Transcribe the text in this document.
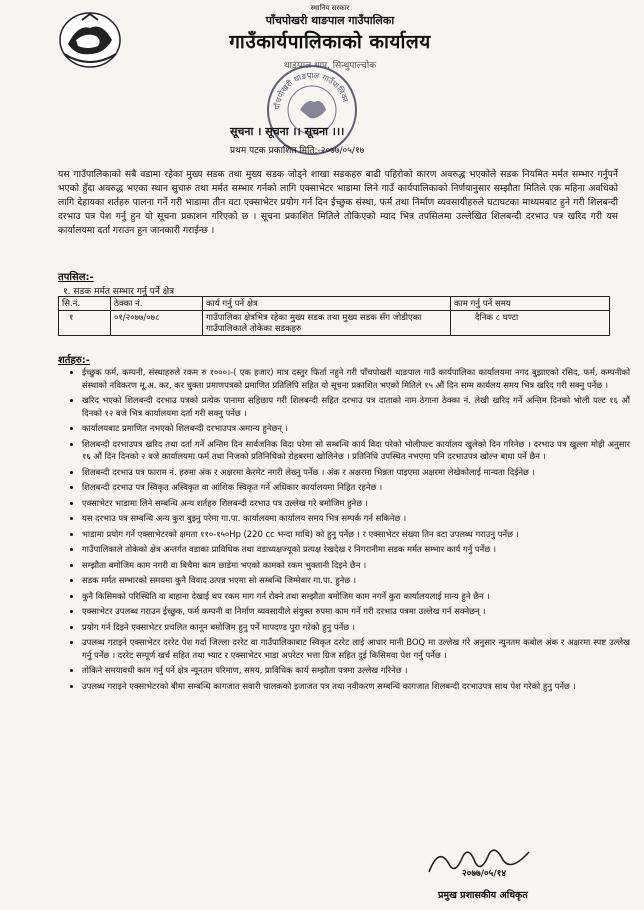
स्थानिय सरकार
पाँचपोखरी थाङपाल गाउँपालिका
गाउँकार्यपालिकाको कार्यालय
थाङपाल धाप, सिन्धुपाल्चोक
पाँचपोखरी थाङपाल गाउँपालिका
सूचना । सूचना ।। सूचना ।।।
प्रथम पटक प्रकाशित मिति:-२०७७/०५/१७
यस गाउँपालिकाको सबै वडामा रहेका मुख्य सडक तथा मुख्य सडक जोड्ने शाखा सडकहरु बाढी पहिरोको कारण अवरुद्ध भएकोले सडक नियमित मर्मत सम्भार गर्नुपर्ने भएको हुँदा अवरुद्ध भएका स्थान सुचारु तथा मर्मत सम्भार गर्नको लागि एक्साभेटर भाडामा लिने गाउँ कार्यपालिकाको निर्णयानुसार सम्झौता मितिले एक महिना अवधिको लागि देहायका शर्तहरु पालना गर्ने गरी भाडामा तीन वटा एक्साभेटर प्रयोग गर्न दिन ईच्छुक संस्था, फर्म तथा निर्माण व्यवसायीहरुले घटाघटका माध्यमबाट हुने गरी शिलबन्दी दरभाउ पत्र पेश गर्नु हुन यो सूचना प्रकाशन गरिएको छ । सूचना प्रकाशित मितिले तोकिएको म्याद भित्र तपसिलमा उल्लेखित शिलबन्दी दरभाउ पत्र खरिद गरी यस कार्यालयमा दर्ता गराउन हुन जानकारी गराईन्छ ।
तपसिल:-
१. सडक मर्मत सम्भार गर्नु पर्ने क्षेत्र
सि.नं.	ठेक्का नं.	कार्य गर्नु पर्ने क्षेत्र	काम गर्नु पर्ने समय
१	०१/२०७७/०७८	गाउँपालिका क्षेत्रभित्र रहेका मुख्य सडक तथा मुख्य सडक सँग जोडीएका गाउँपालिकाले तोकेका सडकहरु	दैनिक ८ घण्टा
शर्तहरु:-
• ईच्छुक फर्म, कम्पनी, संस्थाहरुले रकम रु १०००।-( एक हजार) मात्र दस्तुर फिर्ता नहुने गरी पाँचपोखरी थाङपाल गाउँ कार्यपालिका कार्यालयमा नगद बुझाएको रसिद, फर्म, कम्पनीको संस्थाको नविकरण मू.अ. कर, कर चुक्ता प्रमाणपत्रको प्रमाणित प्रतिलिपि सहित यो सूचना प्रकाशित भएको मितिले १५ औं दिन सम्म कार्यलय समय भित्र खरिद गरी सक्नु पर्नेछ ।
• खरिद भएको शिलबन्दी दरभाउ पत्रको प्रत्येक पानामा सहिछाप गरी शिलबन्दी सहित दरभाउ पत्र दाताको नाम ठेगाना ठेक्का नं. लेखी खरिद गर्ने अन्तिम दिनको भोली पल्ट १६ औं दिनको १२ बजे भित्र कार्यालयमा दर्ता गरी सक्नु पर्नेछ ।
• कार्यालयबाट प्रमाणित नभएको शिलबन्दी दरभाउपत्र अमान्य हुनेछन् ।
• शिलबन्दी दरभाउपत्र खरिद तथा दर्ता गर्ने अन्तिम दिन सार्वजनिक विदा परेमा सो सम्बन्धि कार्य विदा परेको भोलीपल्ट कार्यालय खुलेको दिन गरिनेछ । दरभाउ पत्र खुल्ला मोही अनुसार १६ औं दिन दिनको २ बजे कार्यालयमा फर्म तथा निजको प्रतिनिधिको रोहबरमा खोलिनेछ । प्रतिनिधि उपस्थित नभएमा पनि दरभाउपत्र खोल्न बाधा पर्ने छैन ।
• शिलबन्दी दरभाउ पत्र फाराम नं. हरुमा अंक र अक्षरमा केरमेट नगरी लेख्नु पर्नेछ । अंक र अक्षरमा भिन्नता पाइएमा अक्षरमा लेखेकोलाई मान्यता दिईनेछ ।
• शिलबन्दी दरभाउ पत्र स्विकृत अस्विकृत वा आंशिक स्विकृत गर्ने अधिकार कार्यालयमा निहित रहनेछ ।
• एक्साभेटर भाडामा लिने सम्बन्धि अन्य शर्तहरु शिलबन्दी दरभाउ पत्र उल्लेख गरे बमोजिम हुनेछ ।
• यस दरभाउ पत्र सम्बन्धि अन्य कुरा बुझ्नु परेमा गा.पा. कार्यालयमा कार्यालय समय भित्र सम्पर्क गर्न सकिनेछ ।
• भाडामा प्रयोग गर्ने एक्साभेटरको क्षमता ११०-१५०Hp (220 cc भन्दा माथि) को हुनु पर्नेछ । र एक्साभेटर संख्या तिन वटा उपलब्ध गराउनु पर्नेछ ।
• गाउँपालिकाले तोकेको क्षेत्र अन्तर्गत वडाका प्राविधिक तथा वडाध्यक्षज्यूको प्रत्यक्ष रेखदेख र निगरानीमा सडक मर्मत सम्भार कार्य गर्नु पर्नेछ ।
• सम्झौता बमोजिम काम नगरी वा बिचैमा काम छाडेमा भएको कामको रकम भुक्तानी दिइने छैन ।
• सडक मर्मत सम्भारको समयमा कुनै विवाद उत्पन्न भएमा सो सम्बन्धि जिम्मेवार गा.पा. हुनेछ ।
• कुनै किसिमको परिस्थिति वा बाहाना देखाई थप रकम माग गर्न रोक्ने तथा सम्झौता बमोजिम काम नगर्ने कुरा कार्यालयलाई मान्य हुने छैन ।
• एक्साभेटर उपलब्ध गराउन ईच्छुक, फर्म कम्पनी वा निर्माण व्यवसायीले संयुक्त रुपमा काम गर्ने गरी दरभाउ पत्रमा उल्लेख गर्न सक्नेछन् ।
• प्रयोग गर्न दिइने एक्साभेटर प्रचलित कानून बमोजिम हुनु पर्ने मापदण्ड पुरा गरेको हुनु पर्नेछ ।
• उपलब्ध गराइने एक्साभेटर दररेट पेश गर्दा जिल्ला दररेट वा गाउँपालिकाबाट स्विकृत दररेट लाई आधार मानी BOQ मा उल्लेख गरे अनुसार न्युनतम कबोल अंक र अक्षरमा स्पष्ट उल्लेख गर्नु पर्नेछ । दररेट सम्पूर्ण खर्च सहित तथा भ्याट र एक्साभेटर भाडा अपरेटर भत्ता ग्रिज सहित दुई किसिमवा पेश गर्नु पर्नेछ ।
• तोकिने समयावधी काम गर्नु पर्ने क्षेत्र न्यूनतम परिमाण, समय, प्राविधिक कार्य सम्झौता पत्रमा उल्लेख गरिनेछ ।
• उपलब्ध गराइने एक्साभेटरको बीमा सम्बन्धि कागजात सवारी चालकको इजाजत पत्र तथा नवीकरण सम्बन्धि कागजात शिलबन्दी दरभाउपत्र साथ पेश गरेको हुनु पर्नेछ ।
२०७७/०५/१४
प्रमुख प्रशासकीय अधिकृत
